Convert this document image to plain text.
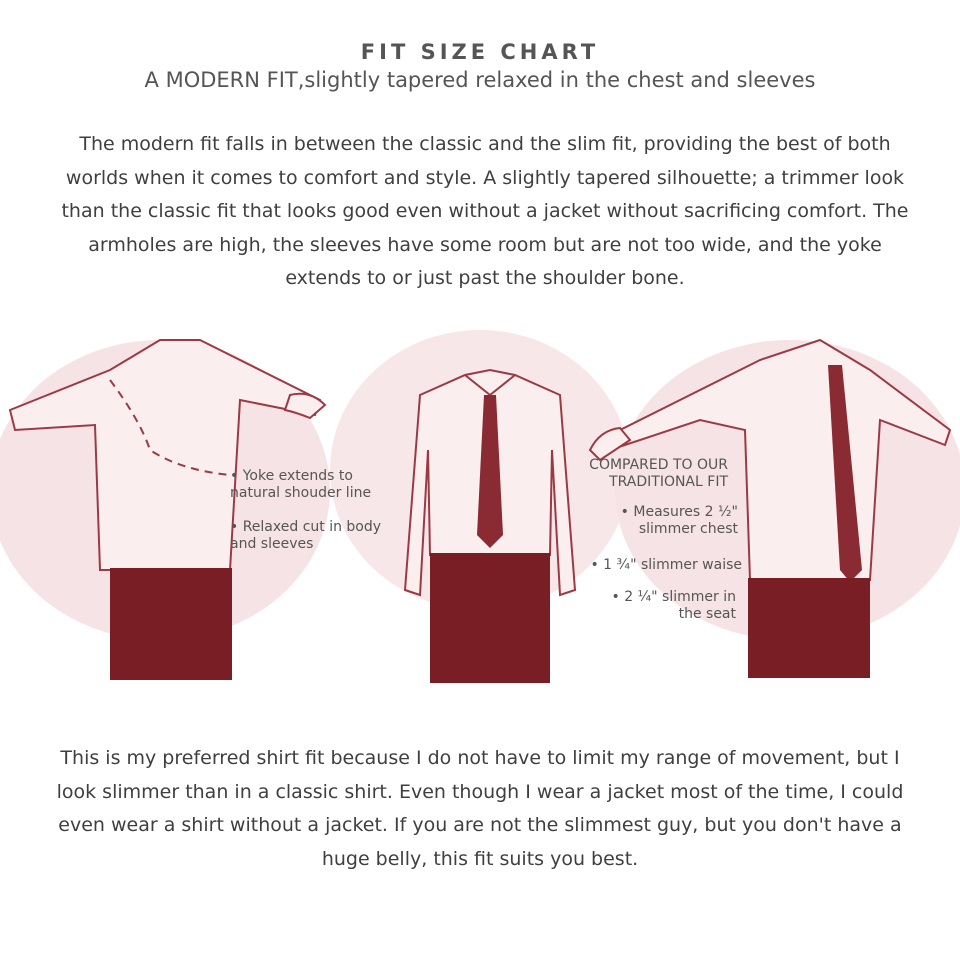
FIT SIZE CHART
A MODERN FIT,slightly tapered relaxed in the chest and sleeves
The modern fit falls in between the classic and the slim fit, providing the best of both worlds when it comes to comfort and style. A slightly tapered silhouette; a trimmer look than the classic fit that looks good even without a jacket without sacrificing comfort. The armholes are high, the sleeves have some room but are not too wide, and the yoke extends to or just past the shoulder bone.
• Yoke extends to natural shouder line
• Relaxed cut in body and sleeves
COMPARED TO OUR TRADITIONAL FIT
• Measures 2 ½" slimmer chest
• 1 ¾" slimmer waise
• 2 ¼" slimmer in the seat
This is my preferred shirt fit because I do not have to limit my range of movement, but I look slimmer than in a classic shirt. Even though I wear a jacket most of the time, I could even wear a shirt without a jacket. If you are not the slimmest guy, but you don't have a huge belly, this fit suits you best.
